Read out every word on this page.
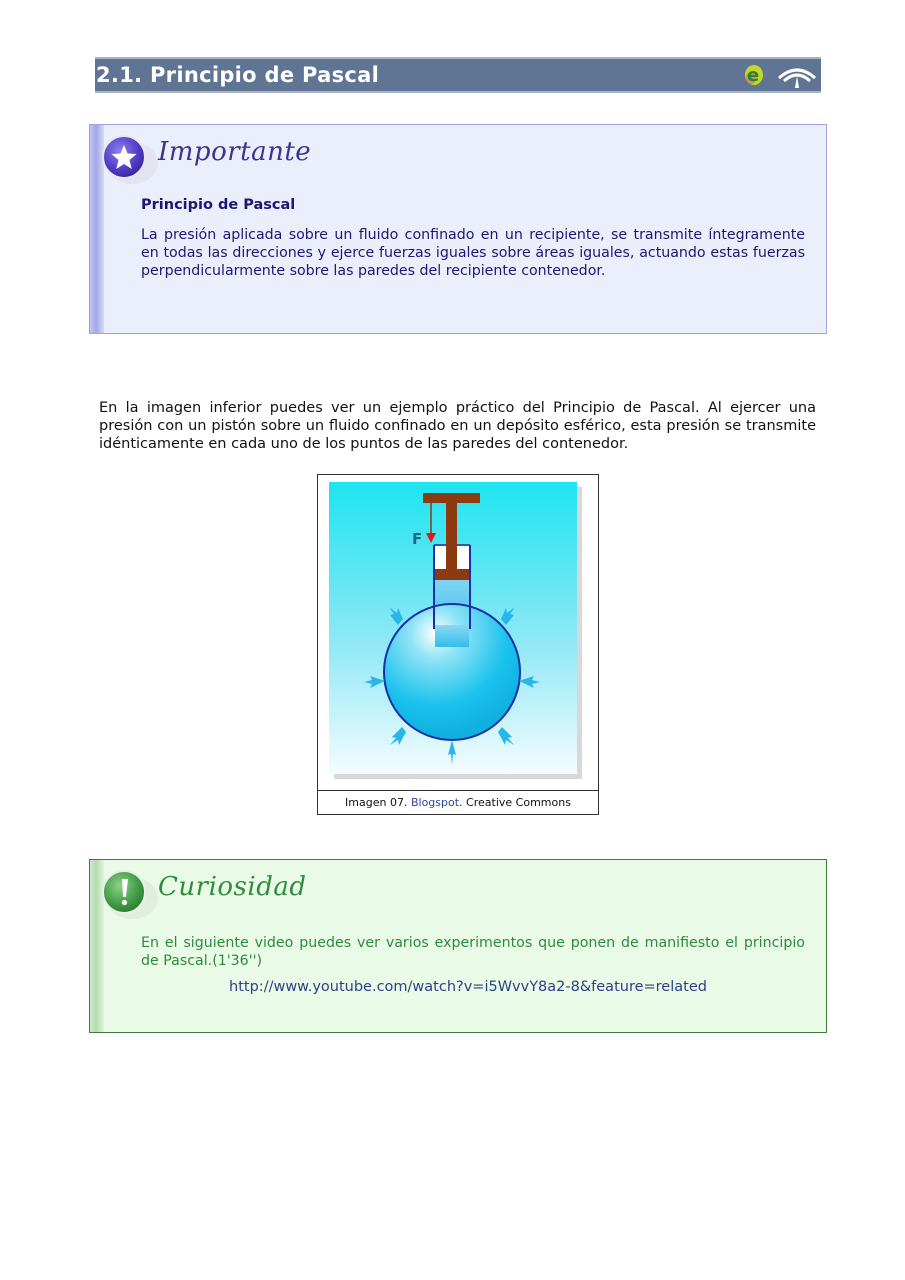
2.1. Principio de Pascal	e
Importante
Principio de Pascal

La presión aplicada sobre un fluido confinado en un recipiente, se transmite íntegramente en todas las direcciones y ejerce fuerzas iguales sobre áreas iguales, actuando estas fuerzas perpendicularmente sobre las paredes del recipiente contenedor.

En la imagen inferior puedes ver un ejemplo práctico del Principio de Pascal. Al ejercer una presión con un pistón sobre un fluido confinado en un depósito esférico, esta presión se transmite idénticamente en cada uno de los puntos de las paredes del contenedor.

F
Imagen 07. Blogspot. Creative Commons
Curiosidad

En el siguiente video puedes ver varios experimentos que ponen de manifiesto el principio de Pascal.(1'36'')

http://www.youtube.com/watch?v=i5WvvY8a2-8&feature=related
